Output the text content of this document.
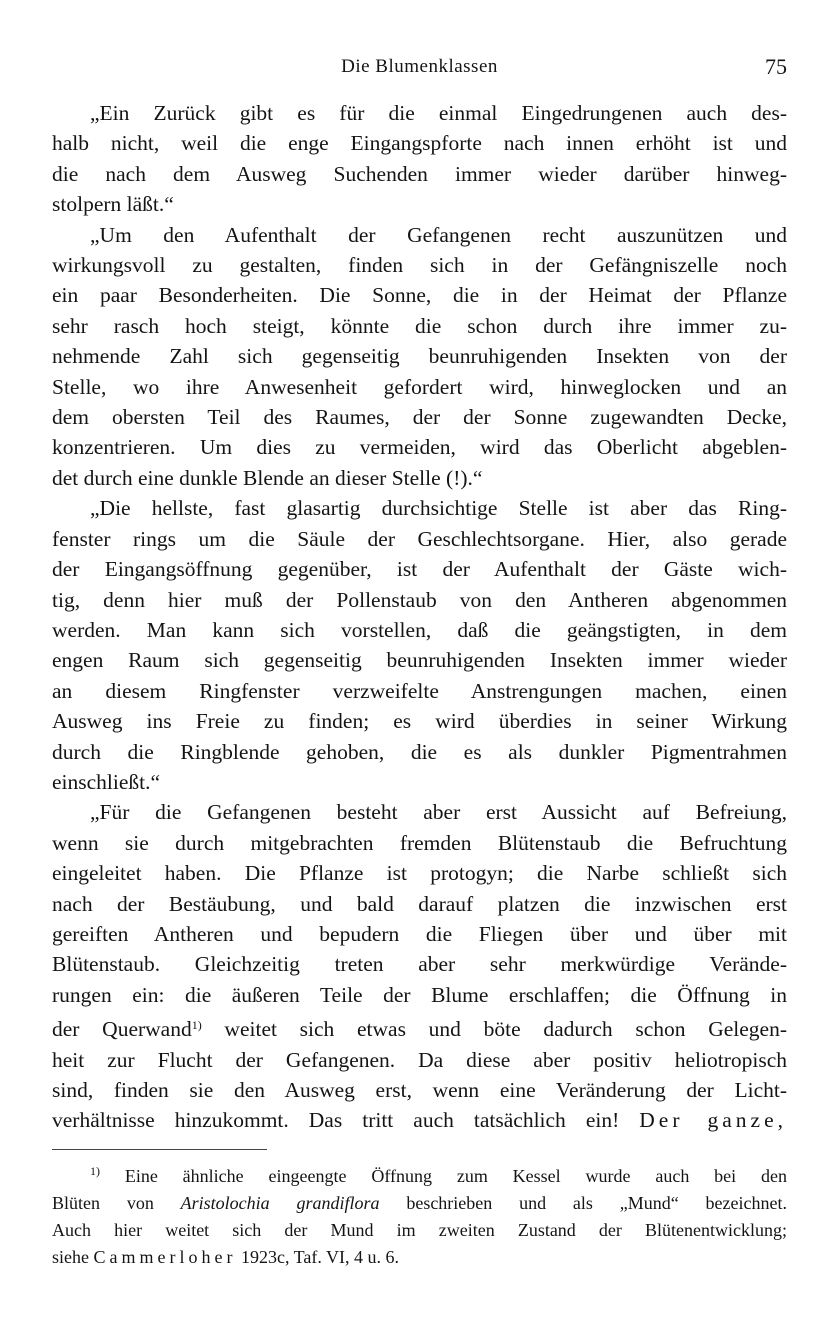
Die Blumenklassen	75
„Ein Zurück gibt es für die einmal Eingedrungenen auch des-
halb nicht, weil die enge Eingangspforte nach innen erhöht ist und
die nach dem Ausweg Suchenden immer wieder darüber hinweg-
stolpern läßt.“
„Um den Aufenthalt der Gefangenen recht auszunützen und
wirkungsvoll zu gestalten, finden sich in der Gefängniszelle noch
ein paar Besonderheiten. Die Sonne, die in der Heimat der Pflanze
sehr rasch hoch steigt, könnte die schon durch ihre immer zu-
nehmende Zahl sich gegenseitig beunruhigenden Insekten von der
Stelle, wo ihre Anwesenheit gefordert wird, hinweglocken und an
dem obersten Teil des Raumes, der der Sonne zugewandten Decke,
konzentrieren. Um dies zu vermeiden, wird das Oberlicht abgeblen-
det durch eine dunkle Blende an dieser Stelle (!).“
„Die hellste, fast glasartig durchsichtige Stelle ist aber das Ring-
fenster rings um die Säule der Geschlechtsorgane. Hier, also gerade
der Eingangsöffnung gegenüber, ist der Aufenthalt der Gäste wich-
tig, denn hier muß der Pollenstaub von den Antheren abgenommen
werden. Man kann sich vorstellen, daß die geängstigten, in dem
engen Raum sich gegenseitig beunruhigenden Insekten immer wieder
an diesem Ringfenster verzweifelte Anstrengungen machen, einen
Ausweg ins Freie zu finden; es wird überdies in seiner Wirkung
durch die Ringblende gehoben, die es als dunkler Pigmentrahmen
einschließt.“
„Für die Gefangenen besteht aber erst Aussicht auf Befreiung,
wenn sie durch mitgebrachten fremden Blütenstaub die Befruchtung
eingeleitet haben. Die Pflanze ist protogyn; die Narbe schließt sich
nach der Bestäubung, und bald darauf platzen die inzwischen erst
gereiften Antheren und bepudern die Fliegen über und über mit
Blütenstaub. Gleichzeitig treten aber sehr merkwürdige Verände-
rungen ein: die äußeren Teile der Blume erschlaffen; die Öffnung in
der Querwand$^{1)}$ weitet sich etwas und böte dadurch schon Gelegen-
heit zur Flucht der Gefangenen. Da diese aber positiv heliotropisch
sind, finden sie den Ausweg erst, wenn eine Veränderung der Licht-
verhältnisse hinzukommt. Das tritt auch tatsächlich ein! Der ganze,
$^{1)}$ Eine ähnliche eingeengte Öffnung zum Kessel wurde auch bei den
Blüten von Aristolochia grandiflora beschrieben und als „Mund“ bezeichnet.
Auch hier weitet sich der Mund im zweiten Zustand der Blütenentwicklung;
siehe Cammerloher 1923c, Taf. VI, 4 u. 6.
